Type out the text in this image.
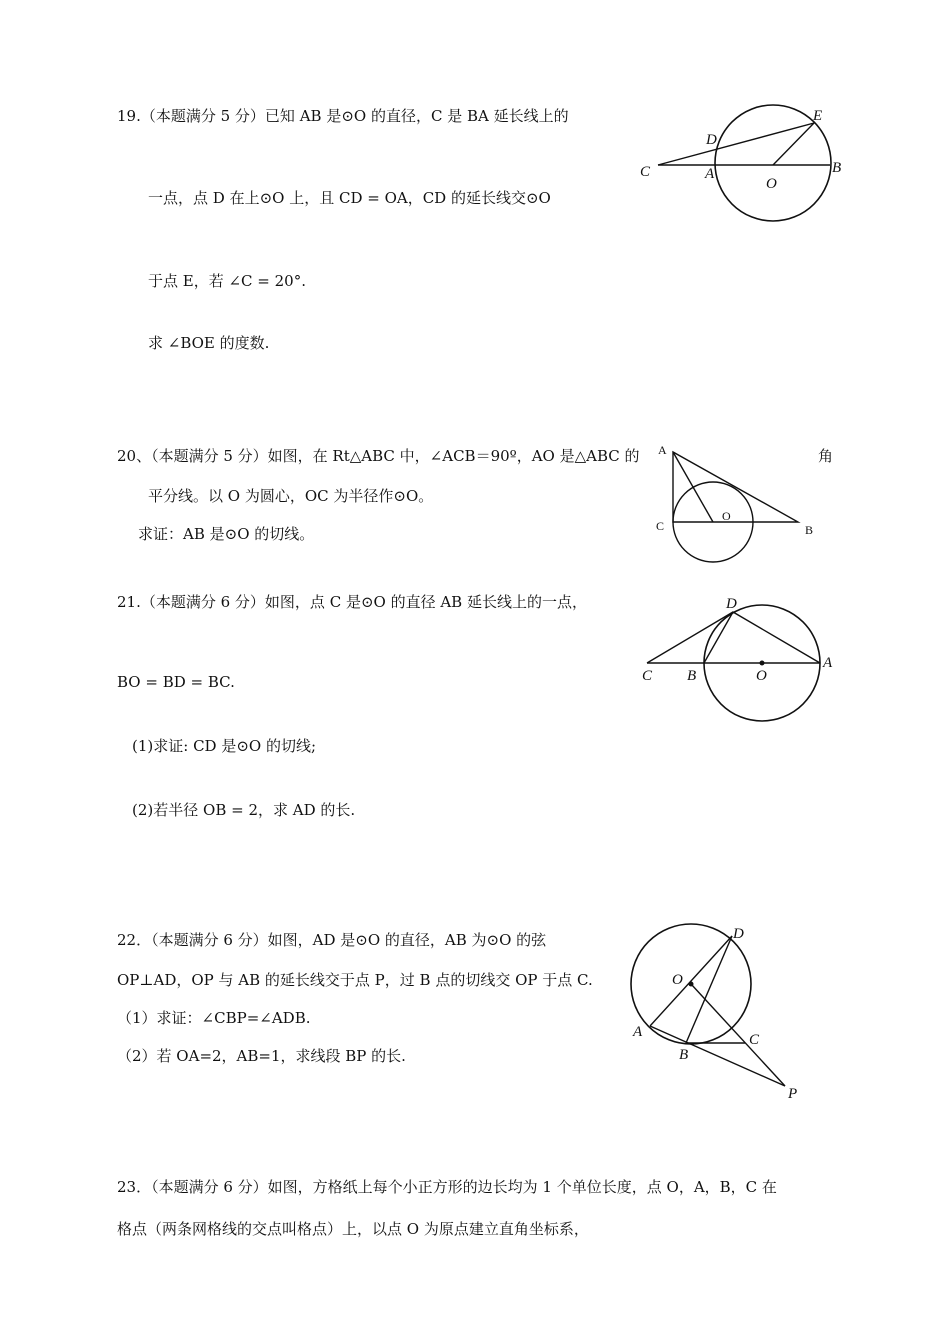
19.（本题满分 5 分）已知 AB 是⊙O 的直径，C 是 BA 延长线上的
一点，点 D 在上⊙O 上，且 CD = OA，CD 的延长线交⊙O
于点 E，若 ∠C = 20°.
求 ∠BOE 的度数.
C
D
E
A
O
B
20、（本题满分 5 分）如图，在 Rt△ABC 中，∠ACB＝90º，AO 是△ABC 的	角
平分线。以 O 为圆心，OC 为半径作⊙O。
求证：AB 是⊙O 的切线。
A
C
O
B
21.（本题满分 6 分）如图，点 C 是⊙O 的直径 AB 延长线上的一点，
BO = BD = BC.
(1)求证: CD 是⊙O 的切线;
(2)若半径 OB = 2，求 AD 的长.
D
C B	O
A
22．（本题满分 6 分）如图，AD 是⊙O 的直径，AB 为⊙O 的弦
OP⊥AD，OP 与 AB 的延长线交于点 P，过 B 点的切线交 OP 于点 C.
（1）求证：∠CBP=∠ADB.
（2）若 OA=2，AB=1，求线段 BP 的长.
D
O
A
B
C
P
23．（本题满分 6 分）如图，方格纸上每个小正方形的边长均为 1 个单位长度，点 O，A，B，C 在
格点（两条网格线的交点叫格点）上，以点 O 为原点建立直角坐标系，
